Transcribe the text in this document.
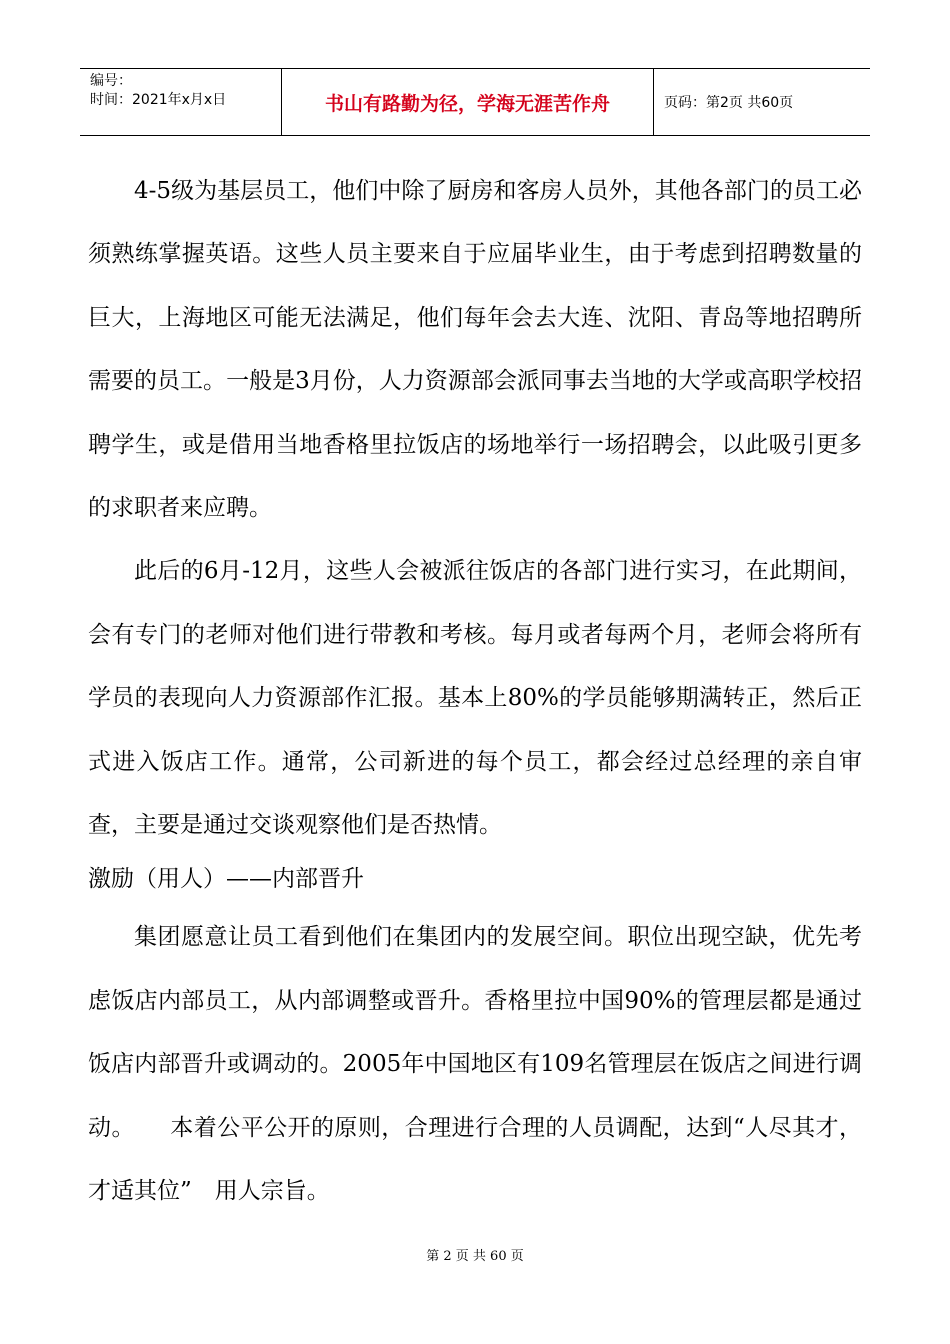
编号：
时间：2021年x月x日	书山有路勤为径，学海无涯苦作舟	页码：第2页 共60页

4-5级为基层员工，他们中除了厨房和客房人员外，其他各部门的员工必须熟练掌握英语。这些人员主要来自于应届毕业生，由于考虑到招聘数量的巨大，上海地区可能无法满足，他们每年会去大连、沈阳、青岛等地招聘所需要的员工。一般是3月份，人力资源部会派同事去当地的大学或高职学校招聘学生，或是借用当地香格里拉饭店的场地举行一场招聘会，以此吸引更多的求职者来应聘。

此后的6月-12月，这些人会被派往饭店的各部门进行实习，在此期间，会有专门的老师对他们进行带教和考核。每月或者每两个月，老师会将所有学员的表现向人力资源部作汇报。基本上80%的学员能够期满转正，然后正式进入饭店工作。通常，公司新进的每个员工，都会经过总经理的亲自审查，主要是通过交谈观察他们是否热情。

激励（用人）——内部晋升

集团愿意让员工看到他们在集团内的发展空间。职位出现空缺，优先考虑饭店内部员工，从内部调整或晋升。香格里拉中国90%的管理层都是通过饭店内部晋升或调动的。2005年中国地区有109名管理层在饭店之间进行调动。　　本着公平公开的原则，合理进行合理的人员调配，达到“人尽其才，才适其位”　用人宗旨。

第 2 页 共 60 页
